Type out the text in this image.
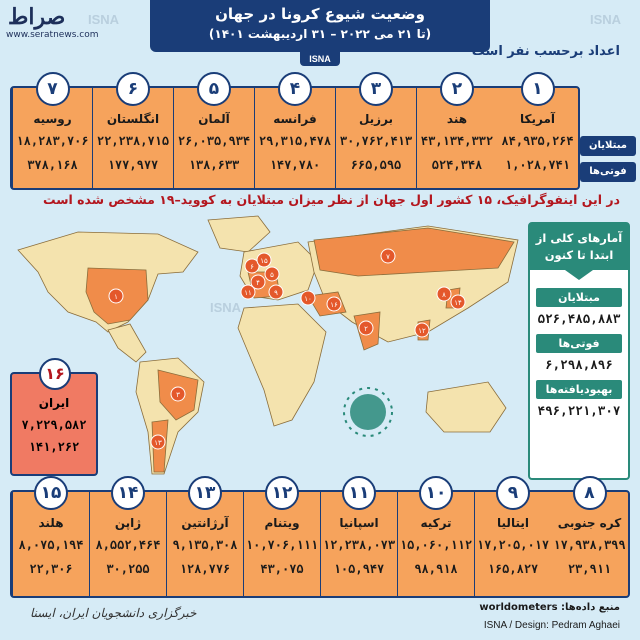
صراط
www.seratnews.com
ISNA	ISNA
ISNA
وضعیت شیوع کرونا در جهان
(تا ۲۱ می ۲۰۲۲ – ۳۱ اردیبهشت ۱۴۰۱)
ISNA	اعداد برحسب نفر است
۱
آمریکا
۸۴,۹۳۵,۲۶۴
۱,۰۲۸,۷۴۱
۲
هند
۴۳,۱۳۴,۳۳۲
۵۲۴,۳۴۸
۳
برزیل
۳۰,۷۶۲,۴۱۳
۶۶۵,۵۹۵
۴
فرانسه
۲۹,۳۱۵,۴۷۸
۱۴۷,۷۸۰
۵
آلمان
۲۶,۰۳۵,۹۳۴
۱۳۸,۶۳۳
۶
انگلستان
۲۲,۲۳۸,۷۱۵
۱۷۷,۹۷۷
۷
روسیه
۱۸,۲۸۳,۷۰۶
۳۷۸,۱۶۸
مبتلایان
فوتی‌ها
در این اینفوگرافیک، ۱۵ کشور اول جهان از نظر میزان مبتلایان به کووید–۱۹ مشخص شده است
۱
۲
۳
۴
۵
۶
۷
۸
۹
۱۰
۱۱
۱۲
۱۳
۱۴
۱۵
۱۶
آمارهای کلی از ابتدا تا کنون
مبتلایان
۵۲۶,۴۸۵,۸۸۳
فوتی‌ها
۶,۲۹۸,۸۹۶
بهبودیافته‌ها
۴۹۶,۲۲۱,۳۰۷
۱۶
ایران
۷,۲۲۹,۵۸۲
۱۴۱,۲۶۲
۸
کره جنوبی
۱۷,۹۳۸,۳۹۹
۲۳,۹۱۱
۹
ایتالیا
۱۷,۲۰۵,۰۱۷
۱۶۵,۸۲۷
۱۰
ترکیه
۱۵,۰۶۰,۱۱۲
۹۸,۹۱۸
۱۱
اسپانیا
۱۲,۲۳۸,۰۷۳
۱۰۵,۹۴۷
۱۲
ویتنام
۱۰,۷۰۶,۱۱۱
۴۳,۰۷۵
۱۳
آرژانتین
۹,۱۳۵,۳۰۸
۱۲۸,۷۷۶
۱۴
ژاپن
۸,۵۵۲,۴۶۴
۳۰,۲۵۵
۱۵
هلند
۸,۰۷۵,۱۹۴
۲۲,۳۰۶
منبع داده‌ها: worldometers
ISNA / Design: Pedram Aghaei
خبرگزاری دانشجویان ایران، ایسنا
